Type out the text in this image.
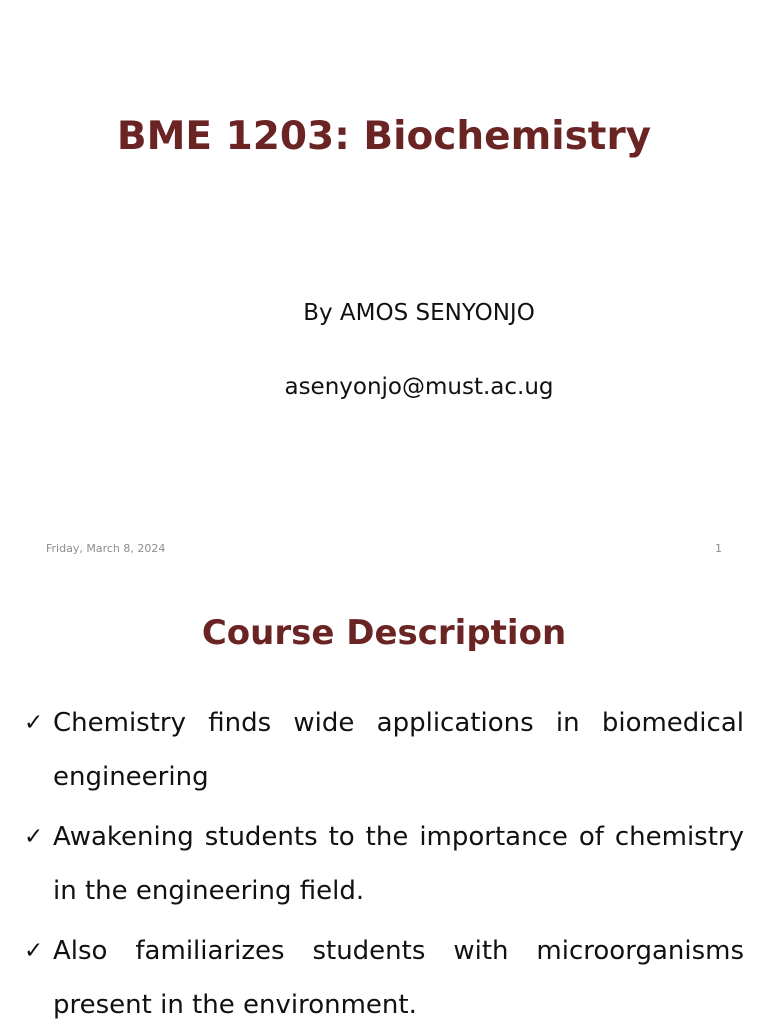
BME 1203: Biochemistry
By AMOS SENYONJO
asenyonjo@must.ac.ug
Friday, March 8, 2024	1
Course Description
✓ Chemistry finds wide applications in biomedical engineering
✓ Awakening students to the importance of chemistry in the engineering field.
✓ Also familiarizes students with microorganisms present in the environment.
